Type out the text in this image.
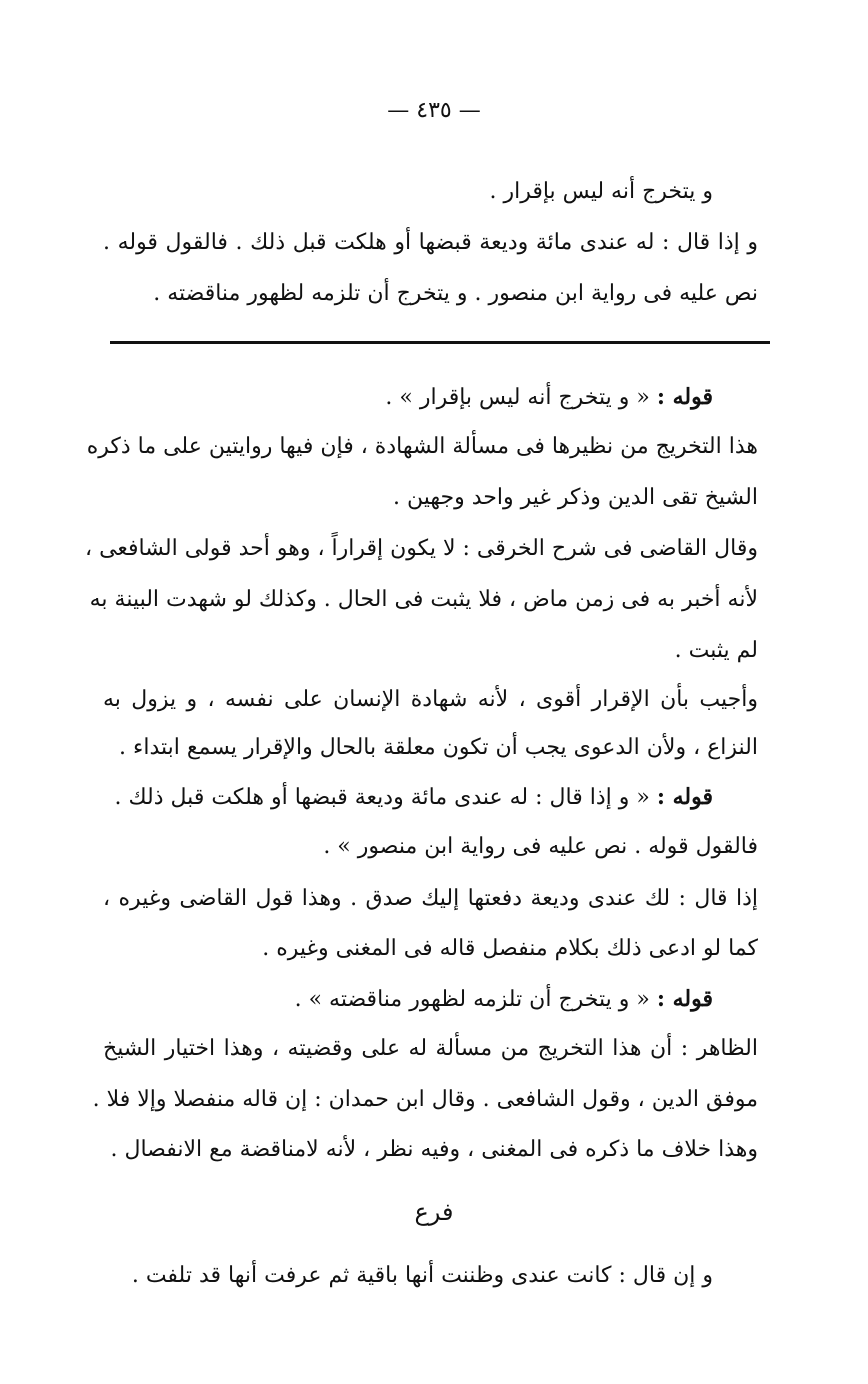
— ٤٣٥ —
و يتخرج أنه ليس بإقرار .
و إذا قال : له عندى مائة وديعة قبضها أو هلكت قبل ذلك . فالقول قوله .
نص عليه فى رواية ابن منصور . و يتخرج أن تلزمه لظهور مناقضته .
قوله : « و يتخرج أنه ليس بإقرار » .
هذا التخريج من نظيرها فى مسألة الشهادة ، فإن فيها روايتين على ما ذكره
الشيخ تقى الدين وذكر غير واحد وجهين .
وقال القاضى فى شرح الخرقى : لا يكون إقراراً ، وهو أحد قولى الشافعى ،
لأنه أخبر به فى زمن ماض ، فلا يثبت فى الحال . وكذلك لو شهدت البينة به
لم يثبت .
وأجيب بأن الإقرار أقوى ، لأنه شهادة الإنسان على نفسه ، و يزول به
النزاع ، ولأن الدعوى يجب أن تكون معلقة بالحال والإقرار يسمع ابتداء .
قوله : « و إذا قال : له عندى مائة وديعة قبضها أو هلكت قبل ذلك .
فالقول قوله . نص عليه فى رواية ابن منصور » .
إذا قال : لك عندى وديعة دفعتها إليك صدق . وهذا قول القاضى وغيره ،
كما لو ادعى ذلك بكلام منفصل قاله فى المغنى وغيره .
قوله : « و يتخرج أن تلزمه لظهور مناقضته » .
الظاهر : أن هذا التخريج من مسألة له على وقضيته ، وهذا اختيار الشيخ
موفق الدين ، وقول الشافعى . وقال ابن حمدان : إن قاله منفصلا وإلا فلا .
وهذا خلاف ما ذكره فى المغنى ، وفيه نظر ، لأنه لامناقضة مع الانفصال .
فرع
و إن قال : كانت عندى وظننت أنها باقية ثم عرفت أنها قد تلفت .
